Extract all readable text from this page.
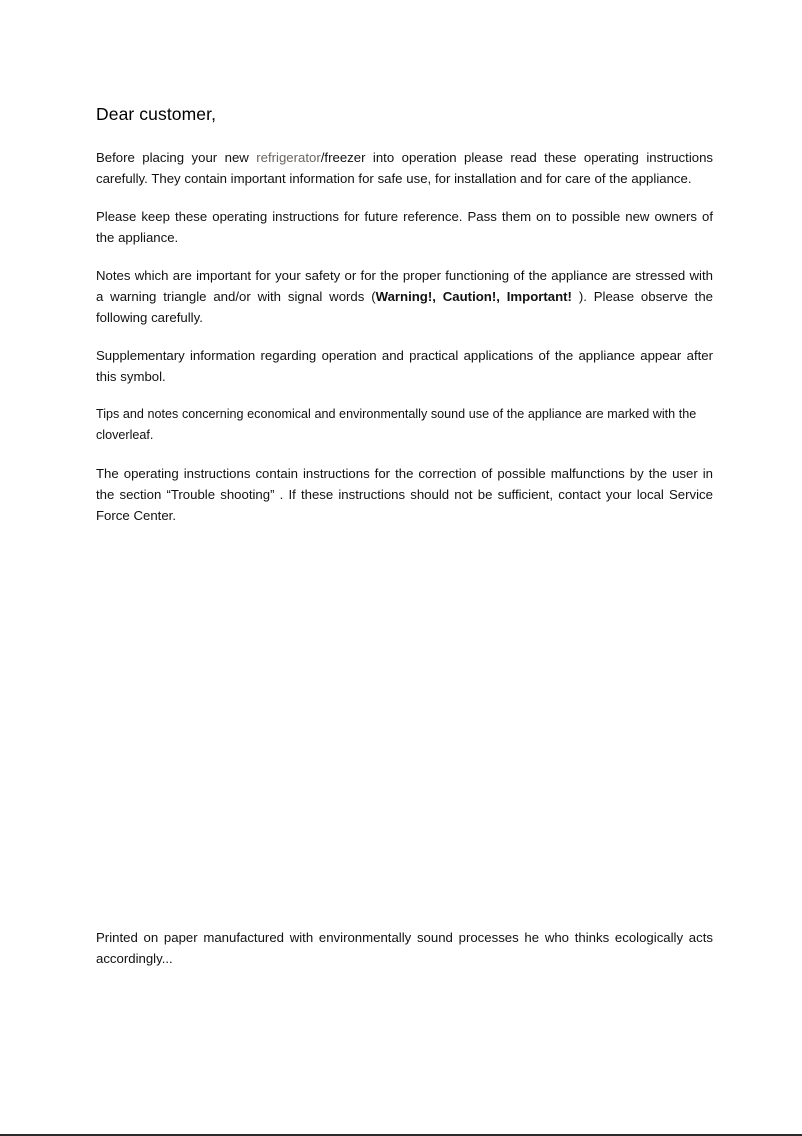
Dear customer,

Before placing your new refrigerator/freezer into operation please read these operating instructions carefully. They contain important information for safe use, for installation and for care of the appliance.

Please keep these operating instructions for future reference. Pass them on to possible new owners of the appliance.

Notes which are important for your safety or for the proper functioning of the appliance are stressed with a warning triangle and/or with signal words (Warning!, Caution!, Important! ). Please observe the following carefully.

Supplementary information regarding operation and practical applications of the appliance appear after this symbol.

Tips and notes concerning economical and environmentally sound use of the appliance are marked with the cloverleaf.

The operating instructions contain instructions for the correction of possible malfunctions by the user in the section “Trouble shooting” . If these instructions should not be sufficient, contact your local Service Force Center.

Printed on paper manufactured with environmentally sound processes he who thinks ecologically acts accordingly...
